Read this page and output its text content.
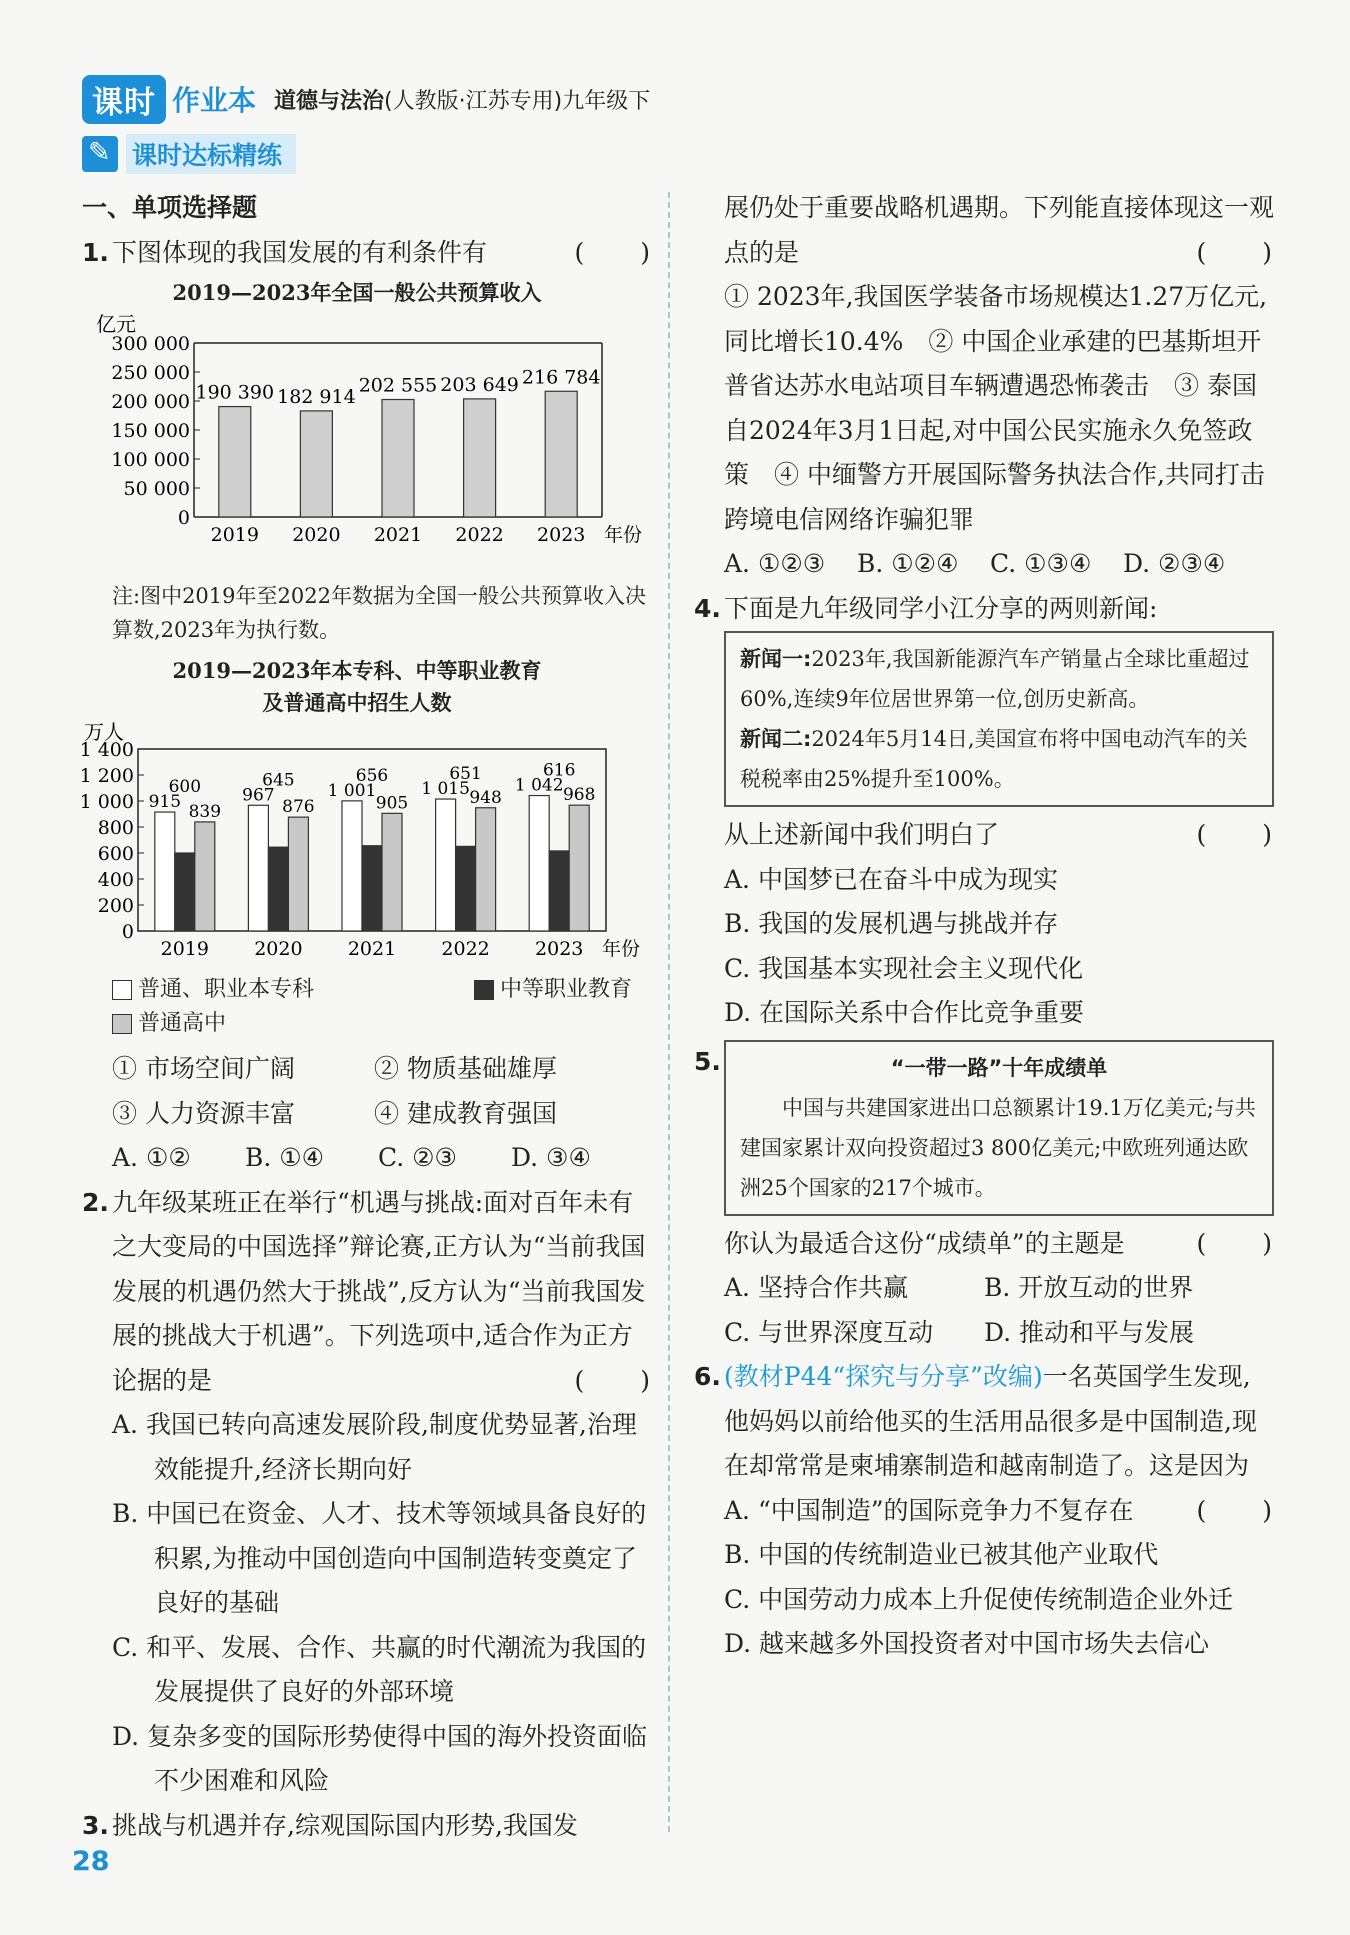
课时 作业本 道德与法治(人教版·江苏专用)九年级下
✎
课时达标精练
一、单项选择题
1. 下图体现的我国发展的有利条件有	(　　)
2019—2023年全国一般公共预算收入
亿元
0
50 000
100 000
150 000
200 000
250 000
300 000
190 390
2019
182 914
2020
202 555
2021
203 649
2022
216 784
2023 年份
注:图中2019年至2022年数据为全国一般公共预算收入决算数,2023年为执行数。
2019—2023年本专科、中等职业教育
及普通高中招生人数
万人
0
200
400
600
800
1 000
1 200
1 400
915
600
839
2019
967
645
876
2020
1 001
656
905
2021
1 015
651
948
2022
1 042
616
968
2023 年份
普通、职业本专科	中等职业教育
普通高中
① 市场空间广阔	② 物质基础雄厚
③ 人力资源丰富	④ 建成教育强国
A. ①②	B. ①④	C. ②③	D. ③④
2. 九年级某班正在举行“机遇与挑战:面对百年未有之大变局的中国选择”辩论赛,正方认为“当前我国发展的机遇仍然大于挑战”,反方认为“当前我国发展的挑战大于机遇”。下列选项中,适合作为正方论据的是	(　　)
A. 我国已转向高速发展阶段,制度优势显著,治理效能提升,经济长期向好
B. 中国已在资金、人才、技术等领域具备良好的积累,为推动中国创造向中国制造转变奠定了良好的基础
C. 和平、发展、合作、共赢的时代潮流为我国的发展提供了良好的外部环境
D. 复杂多变的国际形势使得中国的海外投资面临不少困难和风险
3. 挑战与机遇并存,综观国际国内形势,我国发
展仍处于重要战略机遇期。下列能直接体现这一观点的是	(　　)
① 2023年,我国医学装备市场规模达1.27万亿元,同比增长10.4%　② 中国企业承建的巴基斯坦开普省达苏水电站项目车辆遭遇恐怖袭击　③ 泰国自2024年3月1日起,对中国公民实施永久免签政策　④ 中缅警方开展国际警务执法合作,共同打击跨境电信网络诈骗犯罪
A. ①②③	B. ①②④	C. ①③④	D. ②③④
4. 下面是九年级同学小江分享的两则新闻:
新闻一:2023年,我国新能源汽车产销量占全球比重超过60%,连续9年位居世界第一位,创历史新高。
新闻二:2024年5月14日,美国宣布将中国电动汽车的关税税率由25%提升至100%。
从上述新闻中我们明白了	(　　)
A. 中国梦已在奋斗中成为现实
B. 我国的发展机遇与挑战并存
C. 我国基本实现社会主义现代化
D. 在国际关系中合作比竞争重要
5.	“一带一路”十年成绩单
中国与共建国家进出口总额累计19.1万亿美元;与共建国家累计双向投资超过3 800亿美元;中欧班列通达欧洲25个国家的217个城市。
你认为最适合这份“成绩单”的主题是	(　　)
A. 坚持合作共赢	B. 开放互动的世界
C. 与世界深度互动	D. 推动和平与发展
6. (教材P44“探究与分享”改编)一名英国学生发现,他妈妈以前给他买的生活用品很多是中国制造,现在却常常是柬埔寨制造和越南制造了。这是因为
(　　)
A. “中国制造”的国际竞争力不复存在
B. 中国的传统制造业已被其他产业取代
C. 中国劳动力成本上升促使传统制造企业外迁
D. 越来越多外国投资者对中国市场失去信心
28
